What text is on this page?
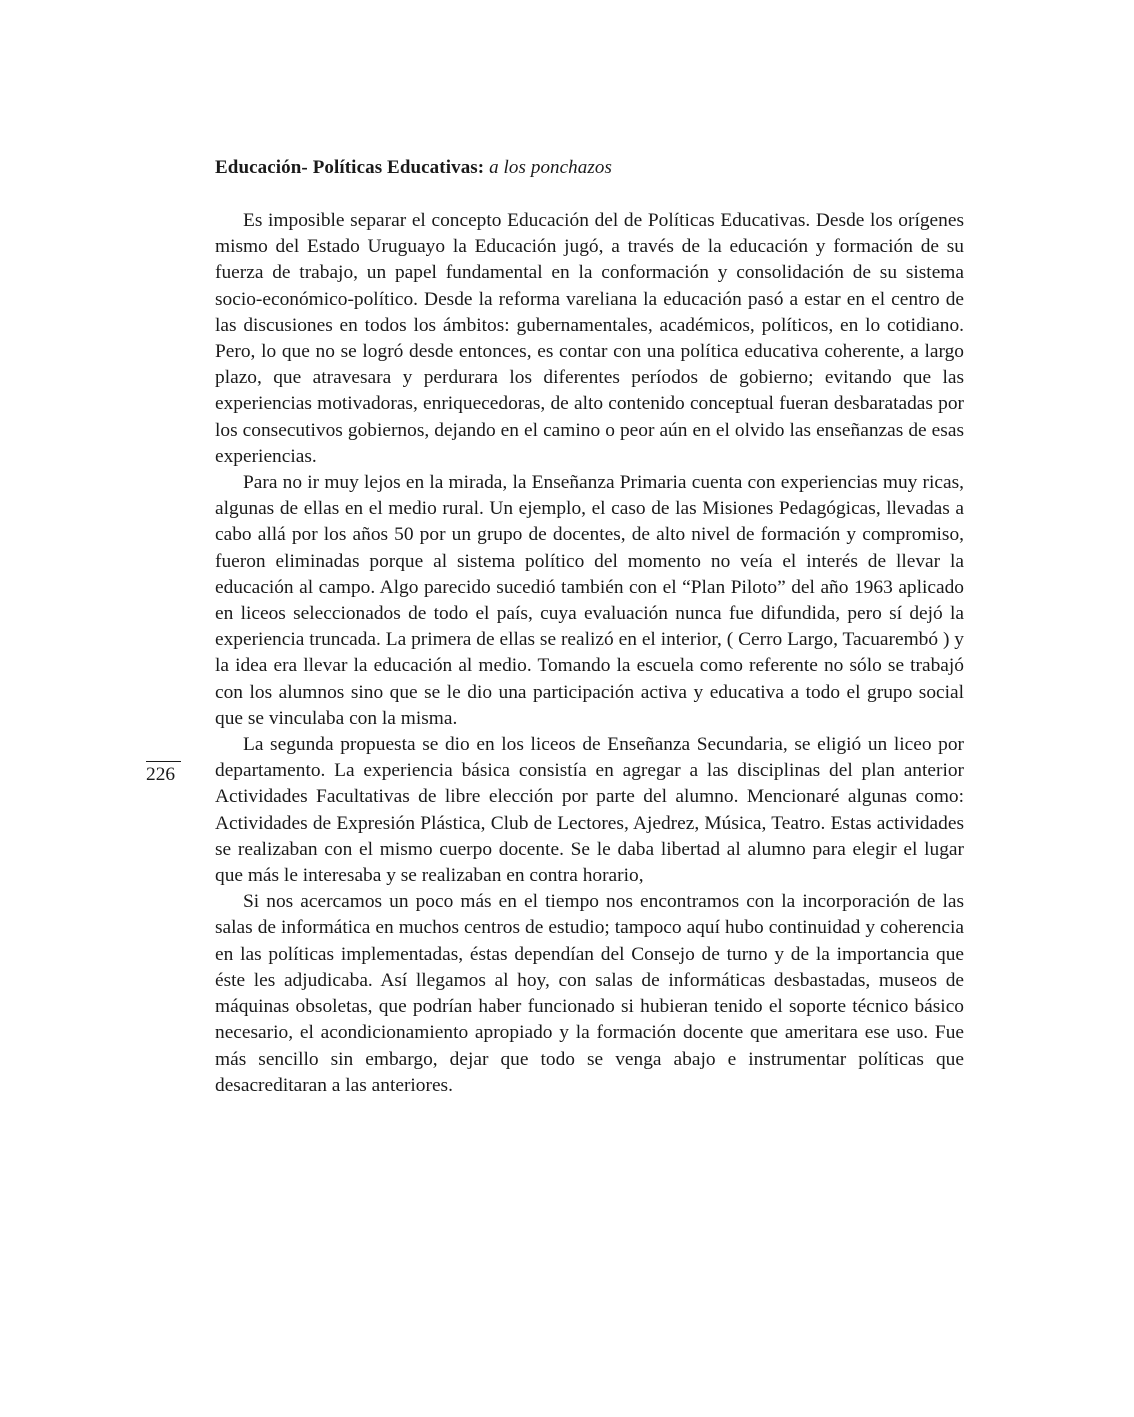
Educación- Políticas Educativas: a los ponchazos

Es imposible separar el concepto Educación del de Políticas Educativas. Desde los orígenes mismo del Estado Uruguayo la Educación jugó, a través de la educación y formación de su fuerza de trabajo, un papel fundamental en la conformación y consolidación de su sistema socio-económico-político. Desde la reforma vareliana la educación pasó a estar en el centro de las discusiones en todos los ámbitos: gubernamentales, académicos, políticos, en lo cotidiano. Pero, lo que no se logró desde entonces, es contar con una política educativa coherente, a largo plazo, que atravesara y perdurara los diferentes períodos de gobierno; evitando que las experiencias motivadoras, enriquecedoras, de alto contenido conceptual fueran desbaratadas por los consecutivos gobiernos, dejando en el camino o peor aún en el olvido las enseñanzas de esas experiencias.

Para no ir muy lejos en la mirada, la Enseñanza Primaria cuenta con experiencias muy ricas, algunas de ellas en el medio rural. Un ejemplo, el caso de las Misiones Pedagógicas, llevadas a cabo allá por los años 50 por un grupo de docentes, de alto nivel de formación y compromiso, fueron eliminadas porque al sistema político del momento no veía el interés de llevar la educación al campo. Algo parecido sucedió también con el “Plan Piloto” del año 1963 aplicado en liceos seleccionados de todo el país, cuya evaluación nunca fue difundida, pero sí dejó la experiencia truncada. La primera de ellas se realizó en el interior, ( Cerro Largo, Tacuarembó ) y la idea era llevar la educación al medio. Tomando la escuela como referente no sólo se trabajó con los alumnos sino que se le dio una participación activa y educativa a todo el grupo social que se vinculaba con la misma.

La segunda propuesta se dio en los liceos de Enseñanza Secundaria, se eligió un liceo por departamento. La experiencia básica consistía en agregar a las disciplinas del plan anterior Actividades Facultativas de libre elección por parte del alumno. Mencionaré algunas como: Actividades de Expresión Plástica, Club de Lectores, Ajedrez, Música, Teatro. Estas actividades se realizaban con el mismo cuerpo docente. Se le daba libertad al alumno para elegir el lugar que más le interesaba y se realizaban en contra horario,

Si nos acercamos un poco más en el tiempo nos encontramos con la incorporación de las salas de informática en muchos centros de estudio; tampoco aquí hubo continuidad y coherencia en las políticas implementadas, éstas dependían del Consejo de turno y de la importancia que éste les adjudicaba. Así llegamos al hoy, con salas de informáticas desbastadas, museos de máquinas obsoletas, que podrían haber funcionado si hubieran tenido el soporte técnico básico necesario, el acondicionamiento apropiado y la formación docente que ameritara ese uso. Fue más sencillo sin embargo, dejar que todo se venga abajo e instrumentar políticas que desacreditaran a las anteriores.

226
